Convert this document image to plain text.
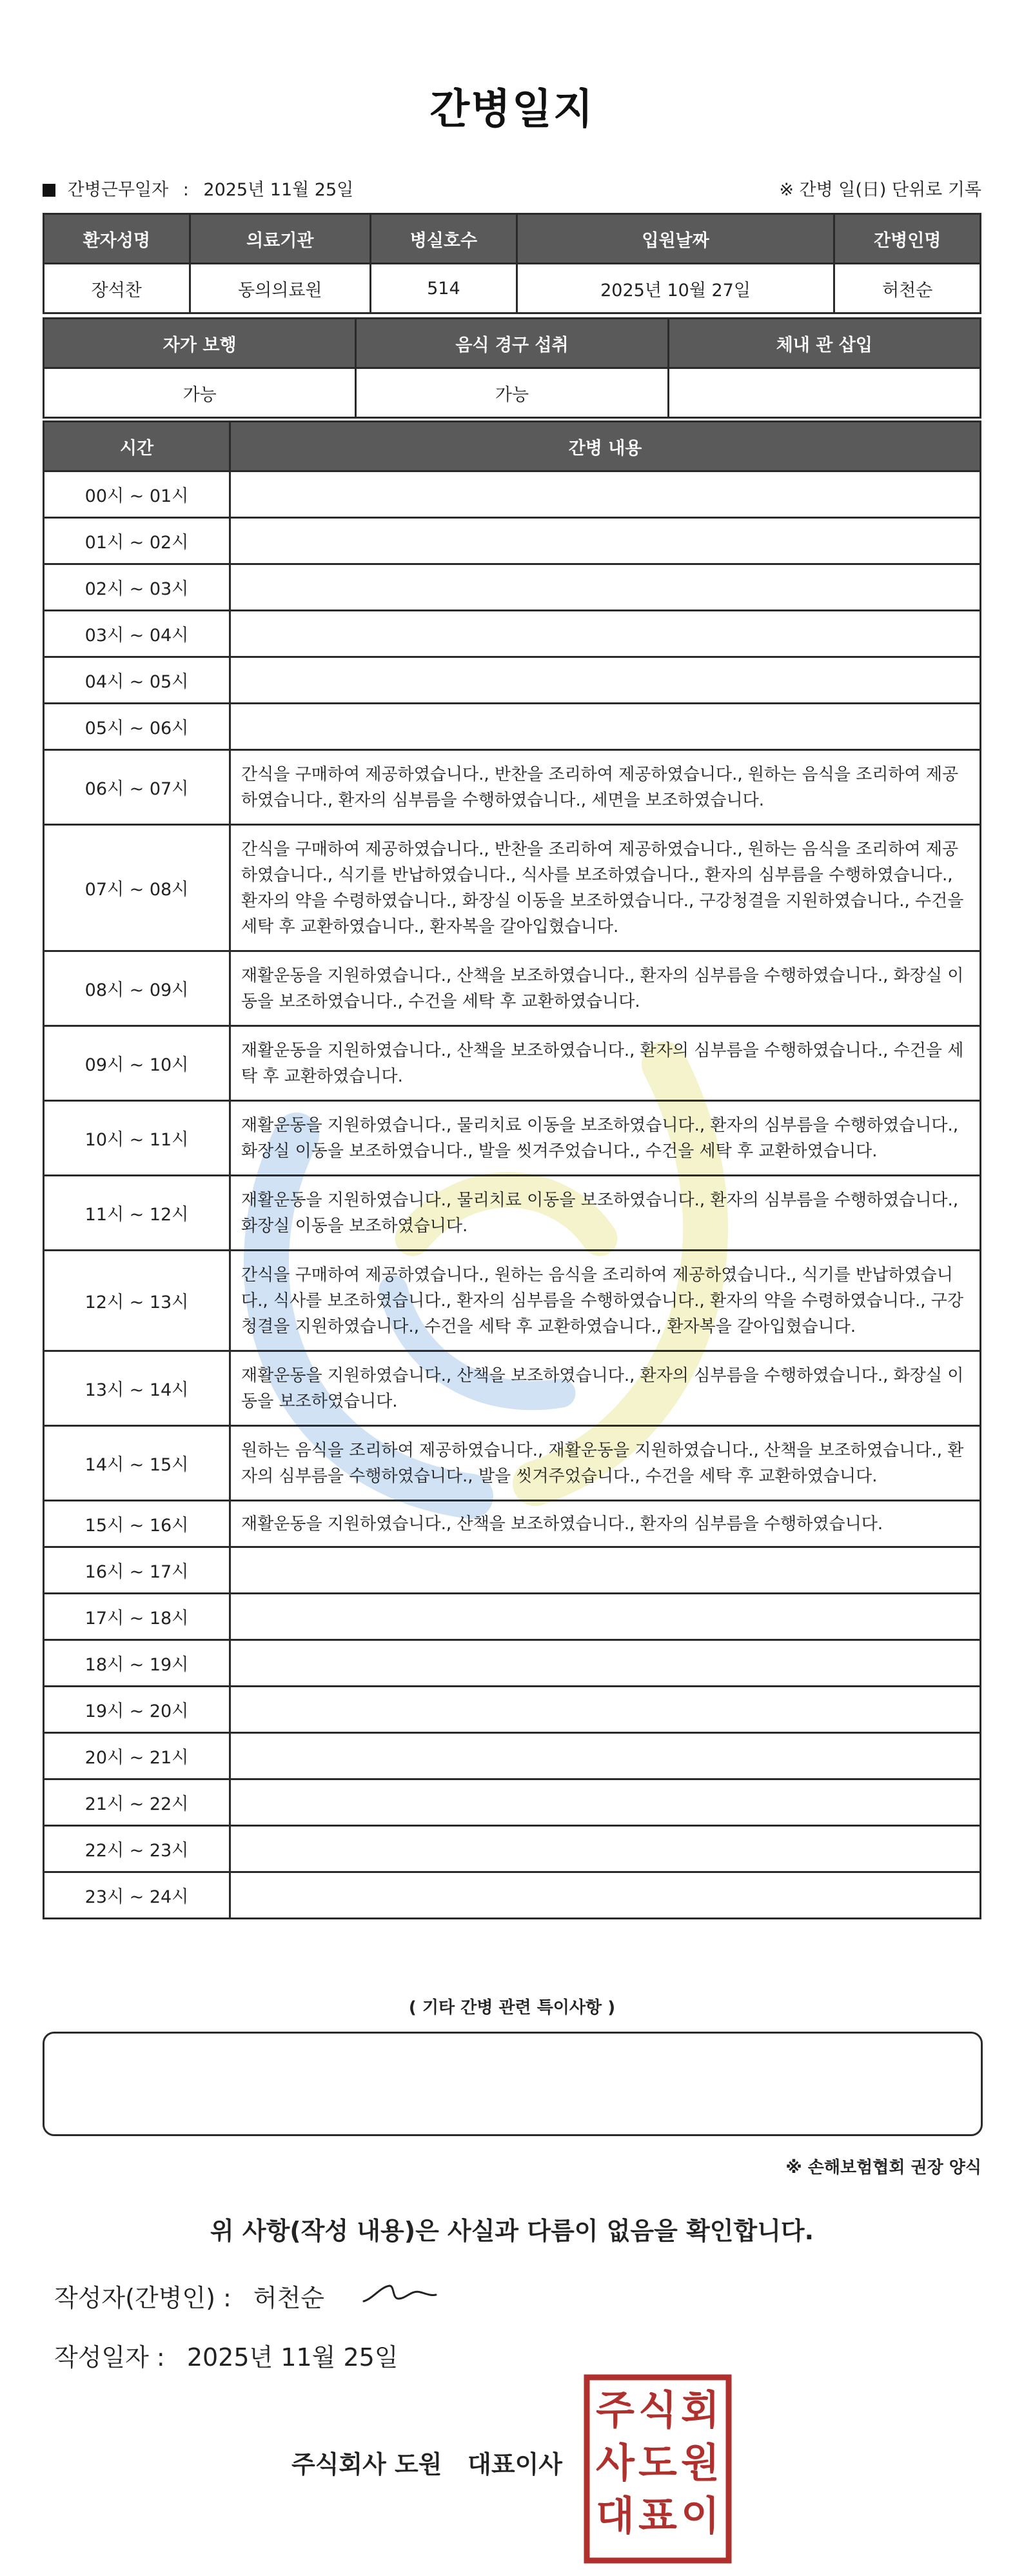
간병일지
간병근무일자 : 2025년 11월 25일	※ 간병 일(日) 단위로 기록
환자성명	의료기관	병실호수	입원날짜	간병인명
장석찬	동의의료원	514	2025년 10월 27일	허천순
자가 보행	음식 경구 섭취	체내 관 삽입
가능	가능	
시간	간병 내용
00시 ~ 01시	
01시 ~ 02시	
02시 ~ 03시	
03시 ~ 04시	
04시 ~ 05시	
05시 ~ 06시	
06시 ~ 07시	간식을 구매하여 제공하였습니다., 반찬을 조리하여 제공하였습니다., 원하는 음식을 조리하여 제공하였습니다., 환자의 심부름을 수행하였습니다., 세면을 보조하였습니다.
07시 ~ 08시	간식을 구매하여 제공하였습니다., 반찬을 조리하여 제공하였습니다., 원하는 음식을 조리하여 제공하였습니다., 식기를 반납하였습니다., 식사를 보조하였습니다., 환자의 심부름을 수행하였습니다., 환자의 약을 수령하였습니다., 화장실 이동을 보조하였습니다., 구강청결을 지원하였습니다., 수건을 세탁 후 교환하였습니다., 환자복을 갈아입혔습니다.
08시 ~ 09시	재활운동을 지원하였습니다., 산책을 보조하였습니다., 환자의 심부름을 수행하였습니다., 화장실 이동을 보조하였습니다., 수건을 세탁 후 교환하였습니다.
09시 ~ 10시	재활운동을 지원하였습니다., 산책을 보조하였습니다., 환자의 심부름을 수행하였습니다., 수건을 세탁 후 교환하였습니다.
10시 ~ 11시	재활운동을 지원하였습니다., 물리치료 이동을 보조하였습니다., 환자의 심부름을 수행하였습니다., 화장실 이동을 보조하였습니다., 발을 씻겨주었습니다., 수건을 세탁 후 교환하였습니다.
11시 ~ 12시	재활운동을 지원하였습니다., 물리치료 이동을 보조하였습니다., 환자의 심부름을 수행하였습니다., 화장실 이동을 보조하였습니다.
12시 ~ 13시	간식을 구매하여 제공하였습니다., 원하는 음식을 조리하여 제공하였습니다., 식기를 반납하였습니다., 식사를 보조하였습니다., 환자의 심부름을 수행하였습니다., 환자의 약을 수령하였습니다., 구강청결을 지원하였습니다., 수건을 세탁 후 교환하였습니다., 환자복을 갈아입혔습니다.
13시 ~ 14시	재활운동을 지원하였습니다., 산책을 보조하였습니다., 환자의 심부름을 수행하였습니다., 화장실 이동을 보조하였습니다.
14시 ~ 15시	원하는 음식을 조리하여 제공하였습니다., 재활운동을 지원하였습니다., 산책을 보조하였습니다., 환자의 심부름을 수행하였습니다., 발을 씻겨주었습니다., 수건을 세탁 후 교환하였습니다.
15시 ~ 16시	재활운동을 지원하였습니다., 산책을 보조하였습니다., 환자의 심부름을 수행하였습니다.
16시 ~ 17시	
17시 ~ 18시	
18시 ~ 19시	
19시 ~ 20시	
20시 ~ 21시	
21시 ~ 22시	
22시 ~ 23시	
23시 ~ 24시	
( 기타 간병 관련 특이사항 )
※ 손해보험협회 권장 양식
위 사항(작성 내용)은 사실과 다름이 없음을 확인합니다.
작성자(간병인) : 허천순
작성일자 : 2025년 11월 25일
주식회사 도원   대표이사
주 식 회
사 도 원
대 표 이
